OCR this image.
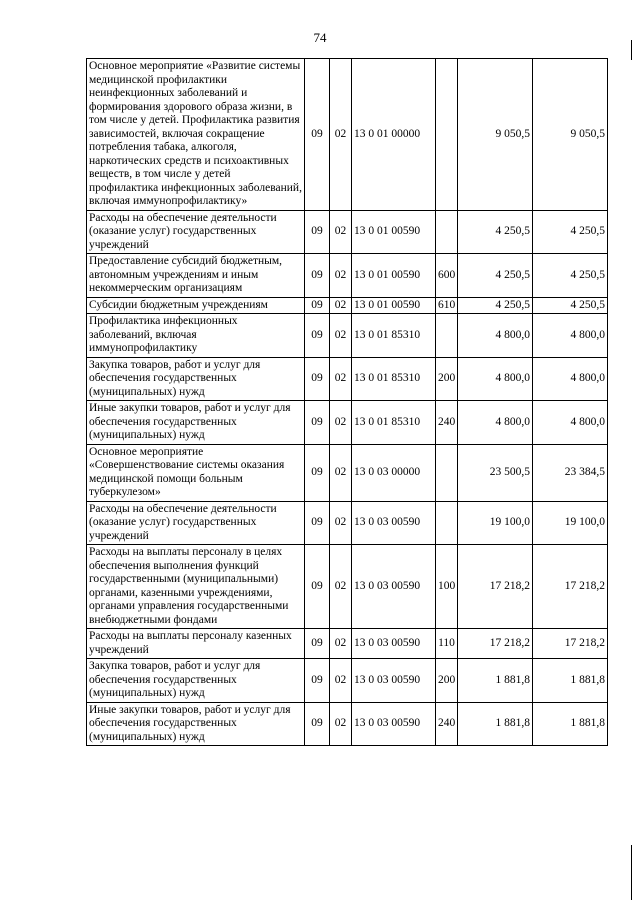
74
Основное мероприятие «Развитие системы медицинской профилактики неинфекционных заболеваний и формирования здорового образа жизни, в том числе у детей. Профилактика развития зависимостей, включая сокращение потребления табака, алкоголя, наркотических средств и психоактивных веществ, в том числе у детей профилактика инфекционных заболеваний, включая иммунопрофилактику»	09	02	13 0 01 00000		9 050,5	9 050,5
Расходы на обеспечение деятельности (оказание услуг) государственных учреждений	09	02	13 0 01 00590		4 250,5	4 250,5
Предоставление субсидий бюджетным, автономным учреждениям и иным некоммерческим организациям	09	02	13 0 01 00590	600	4 250,5	4 250,5
Субсидии бюджетным учреждениям	09	02	13 0 01 00590	610	4 250,5	4 250,5
Профилактика инфекционных заболеваний, включая иммунопрофилактику	09	02	13 0 01 85310		4 800,0	4 800,0
Закупка товаров, работ и услуг для обеспечения государственных (муниципальных) нужд	09	02	13 0 01 85310	200	4 800,0	4 800,0
Иные закупки товаров, работ и услуг для обеспечения государственных (муниципальных) нужд	09	02	13 0 01 85310	240	4 800,0	4 800,0
Основное мероприятие «Совершенствование системы оказания медицинской помощи больным туберкулезом»	09	02	13 0 03 00000		23 500,5	23 384,5
Расходы на обеспечение деятельности (оказание услуг) государственных учреждений	09	02	13 0 03 00590		19 100,0	19 100,0
Расходы на выплаты персоналу в целях обеспечения выполнения функций государственными (муниципальными) органами, казенными учреждениями, органами управления государственными внебюджетными фондами	09	02	13 0 03 00590	100	17 218,2	17 218,2
Расходы на выплаты персоналу казенных учреждений	09	02	13 0 03 00590	110	17 218,2	17 218,2
Закупка товаров, работ и услуг для обеспечения государственных (муниципальных) нужд	09	02	13 0 03 00590	200	1 881,8	1 881,8
Иные закупки товаров, работ и услуг для обеспечения государственных (муниципальных) нужд	09	02	13 0 03 00590	240	1 881,8	1 881,8
